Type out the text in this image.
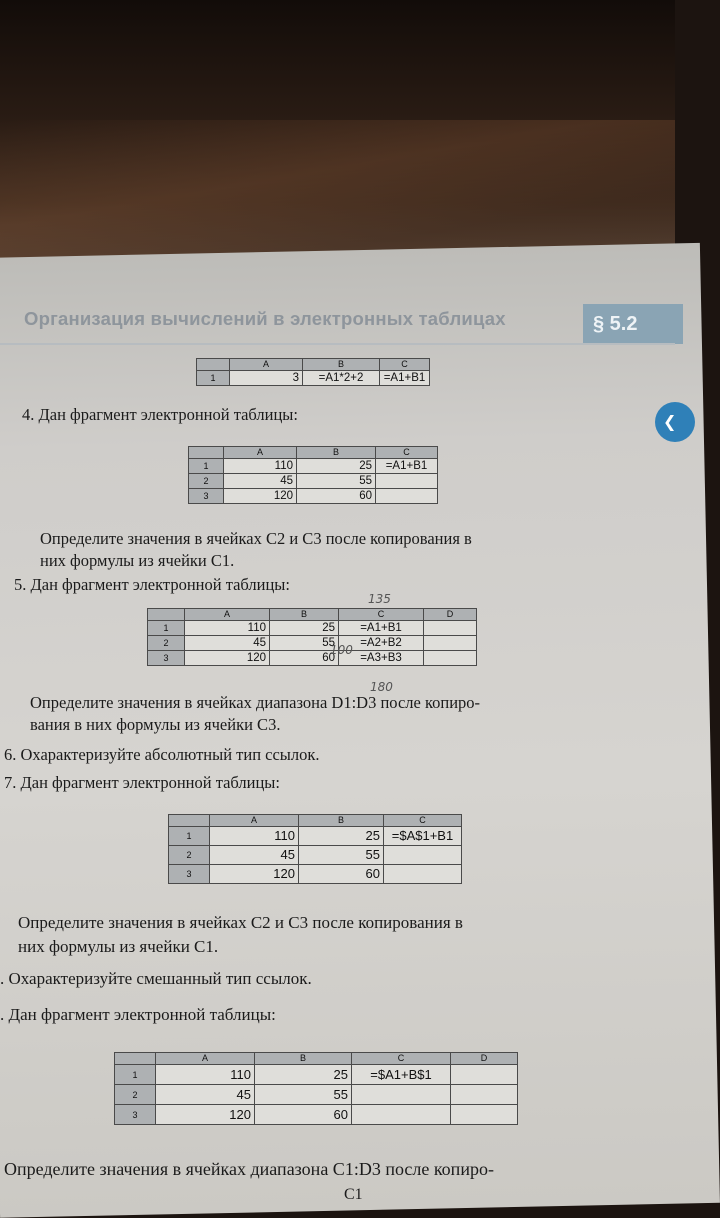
Организация вычислений в электронных таблицах	§ 5.2
❮
	A	B	C
1	3	=A1*2+2	=A1+B1
4. Дан фрагмент электронной таблицы:
	A	B	C
1	110	25	=A1+B1
2	45	55	
3	120	60	
Определите значения в ячейках С2 и С3 после копирования в
них формулы из ячейки С1.
5. Дан фрагмент электронной таблицы:
135
	A	B	C	D
1	110	25	=A1+B1	
2	45	55	=A2+B2	
3	120	60	=A3+B3	
100
180
Определите значения в ячейках диапазона D1:D3 после копиро-
вания в них формулы из ячейки С3.
6. Охарактеризуйте абсолютный тип ссылок.
7. Дан фрагмент электронной таблицы:
	A	B	C
1	110	25	=$A$1+B1
2	45	55	
3	120	60	
Определите значения в ячейках С2 и С3 после копирования в
них формулы из ячейки С1.
. Охарактеризуйте смешанный тип ссылок.
. Дан фрагмент электронной таблицы:
	A	B	C	D
1	110	25	=$A1+B$1	
2	45	55		
3	120	60		
Определите значения в ячейках диапазона С1:D3 после копиро-
С1
